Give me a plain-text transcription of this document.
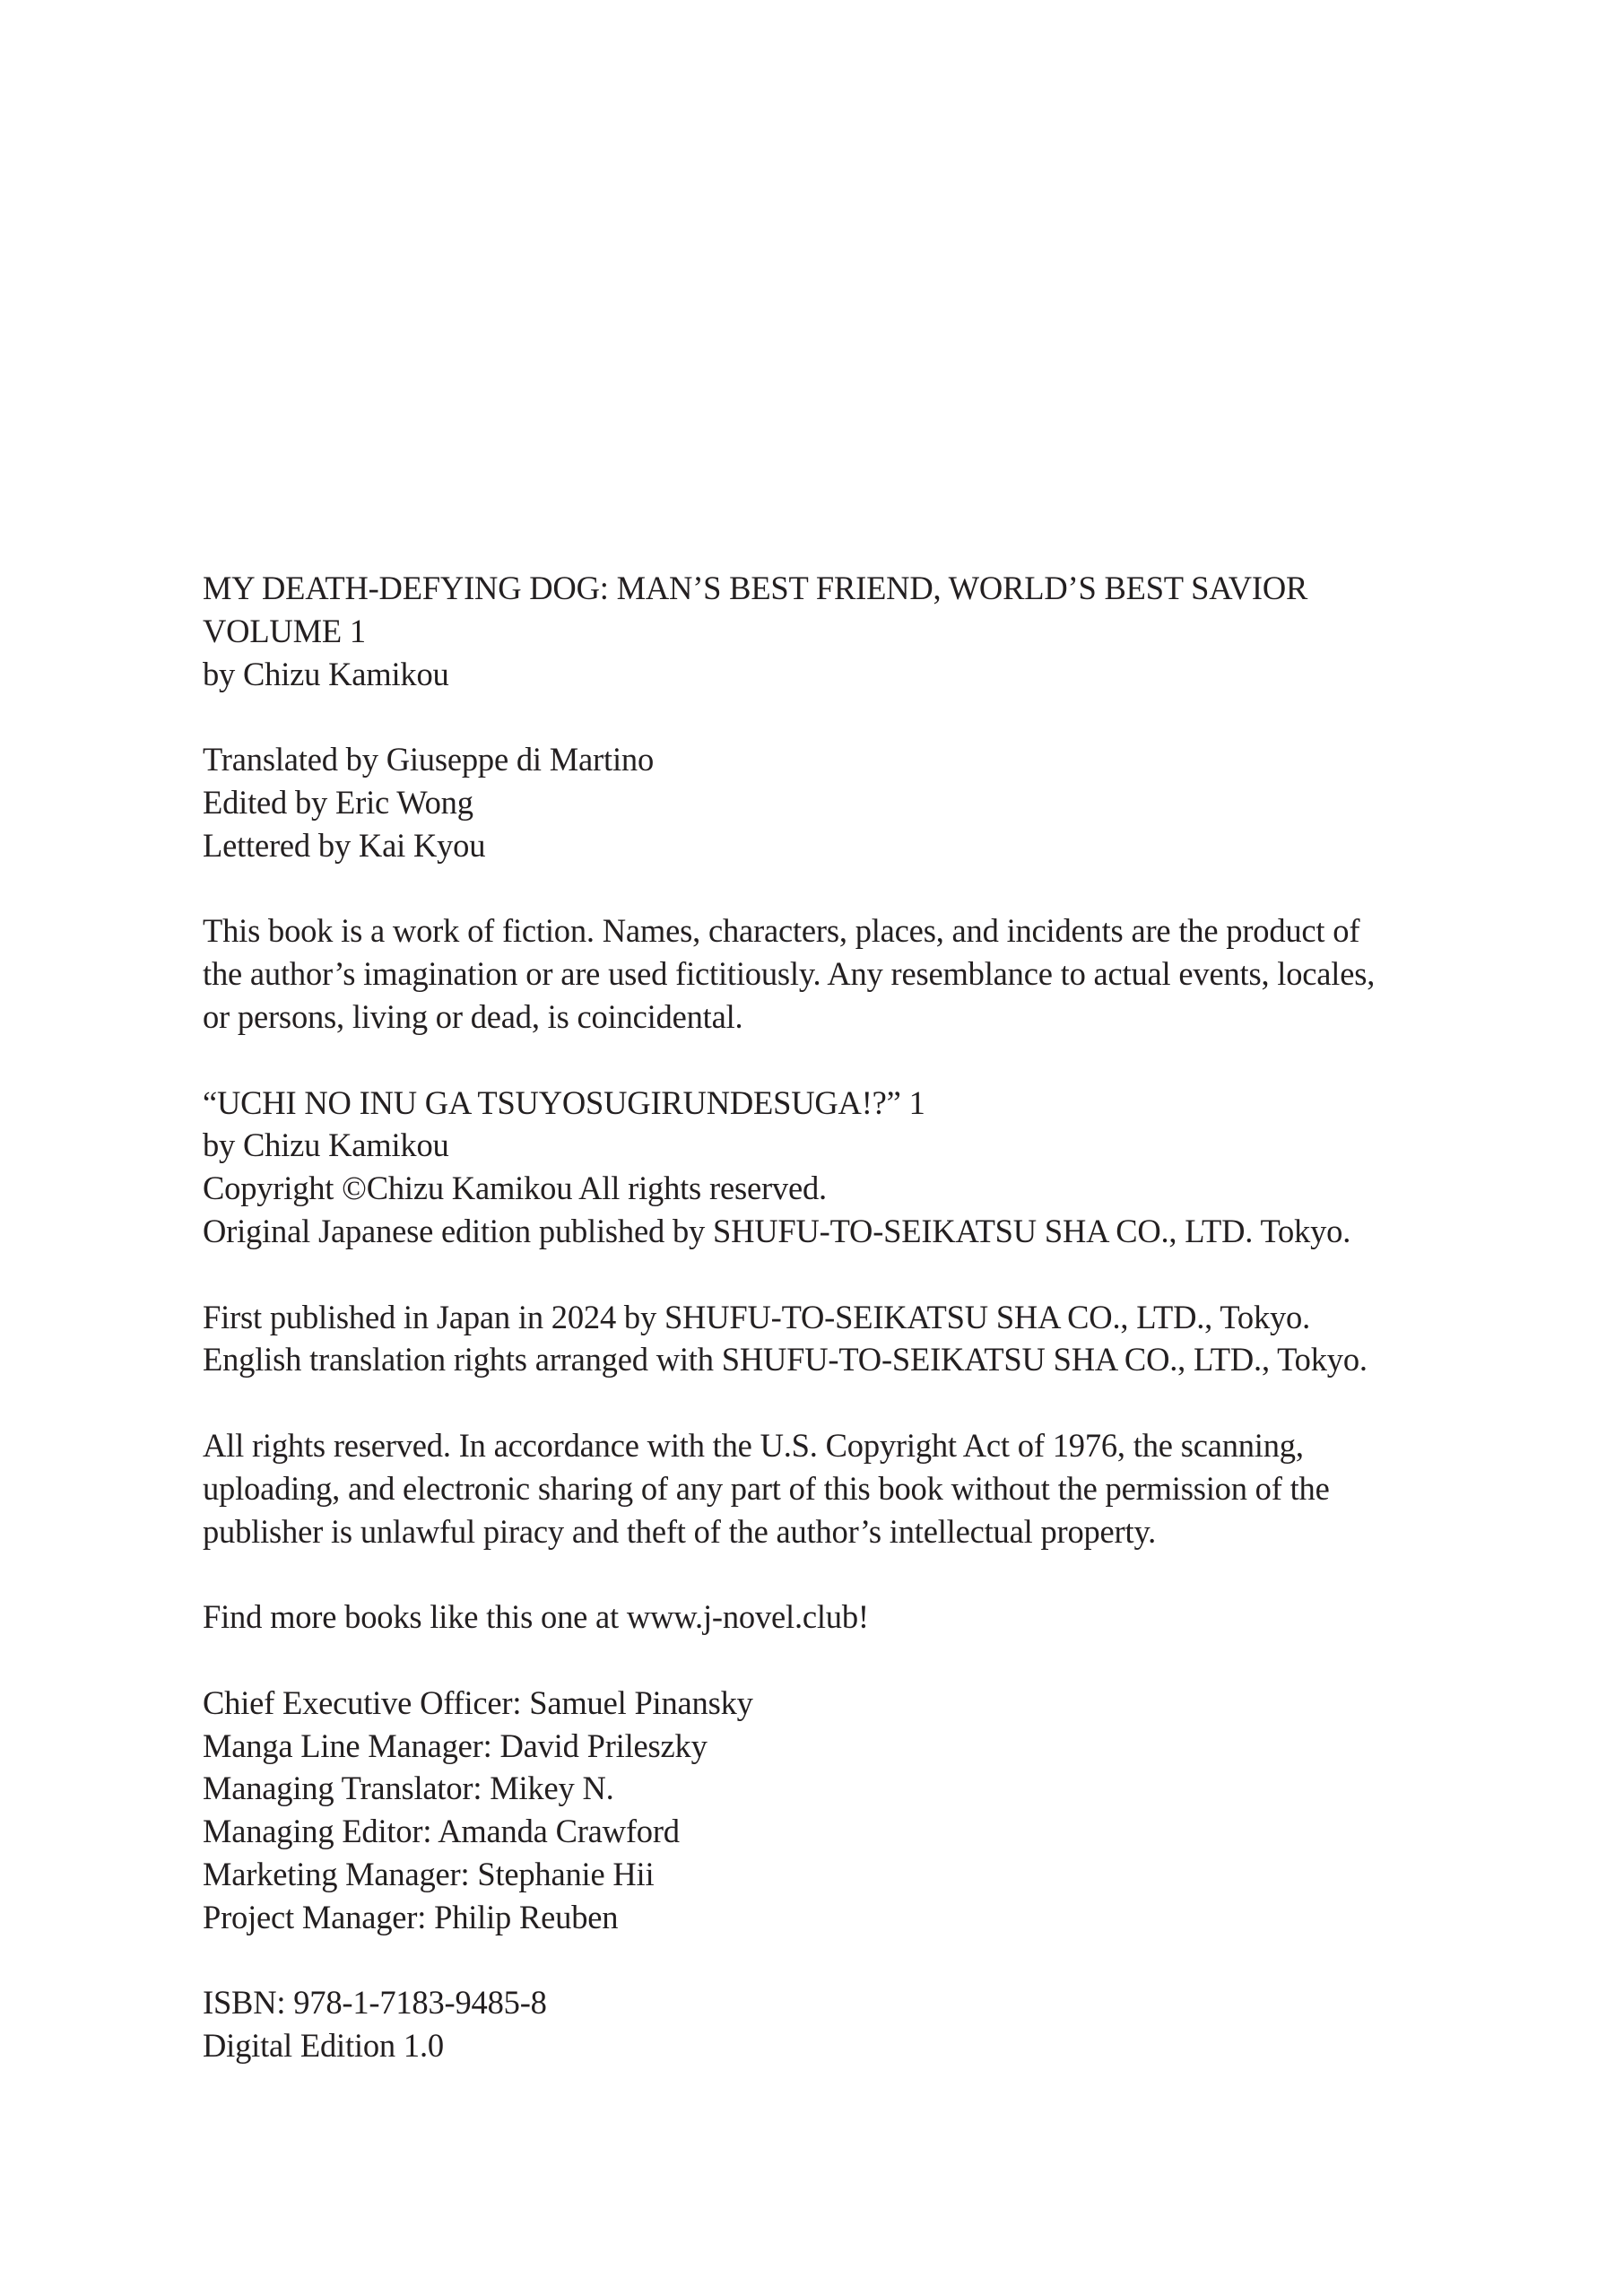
MY DEATH-DEFYING DOG: MAN’S BEST FRIEND, WORLD’S BEST SAVIOR
VOLUME 1
by Chizu Kamikou
Translated by Giuseppe di Martino
Edited by Eric Wong
Lettered by Kai Kyou
This book is a work of fiction. Names, characters, places, and incidents are the product of
the author’s imagination or are used fictitiously. Any resemblance to actual events, locales,
or persons, living or dead, is coincidental.
“UCHI NO INU GA TSUYOSUGIRUNDESUGA!?” 1
by Chizu Kamikou
Copyright ©Chizu Kamikou All rights reserved.
Original Japanese edition published by SHUFU-TO-SEIKATSU SHA CO., LTD. Tokyo.
First published in Japan in 2024 by SHUFU-TO-SEIKATSU SHA CO., LTD., Tokyo.
English translation rights arranged with SHUFU-TO-SEIKATSU SHA CO., LTD., Tokyo.
All rights reserved. In accordance with the U.S. Copyright Act of 1976, the scanning,
uploading, and electronic sharing of any part of this book without the permission of the
publisher is unlawful piracy and theft of the author’s intellectual property.
Find more books like this one at www.j-novel.club!
Chief Executive Officer: Samuel Pinansky
Manga Line Manager: David Prileszky
Managing Translator: Mikey N.
Managing Editor: Amanda Crawford
Marketing Manager: Stephanie Hii
Project Manager: Philip Reuben
ISBN: 978-1-7183-9485-8
Digital Edition 1.0
